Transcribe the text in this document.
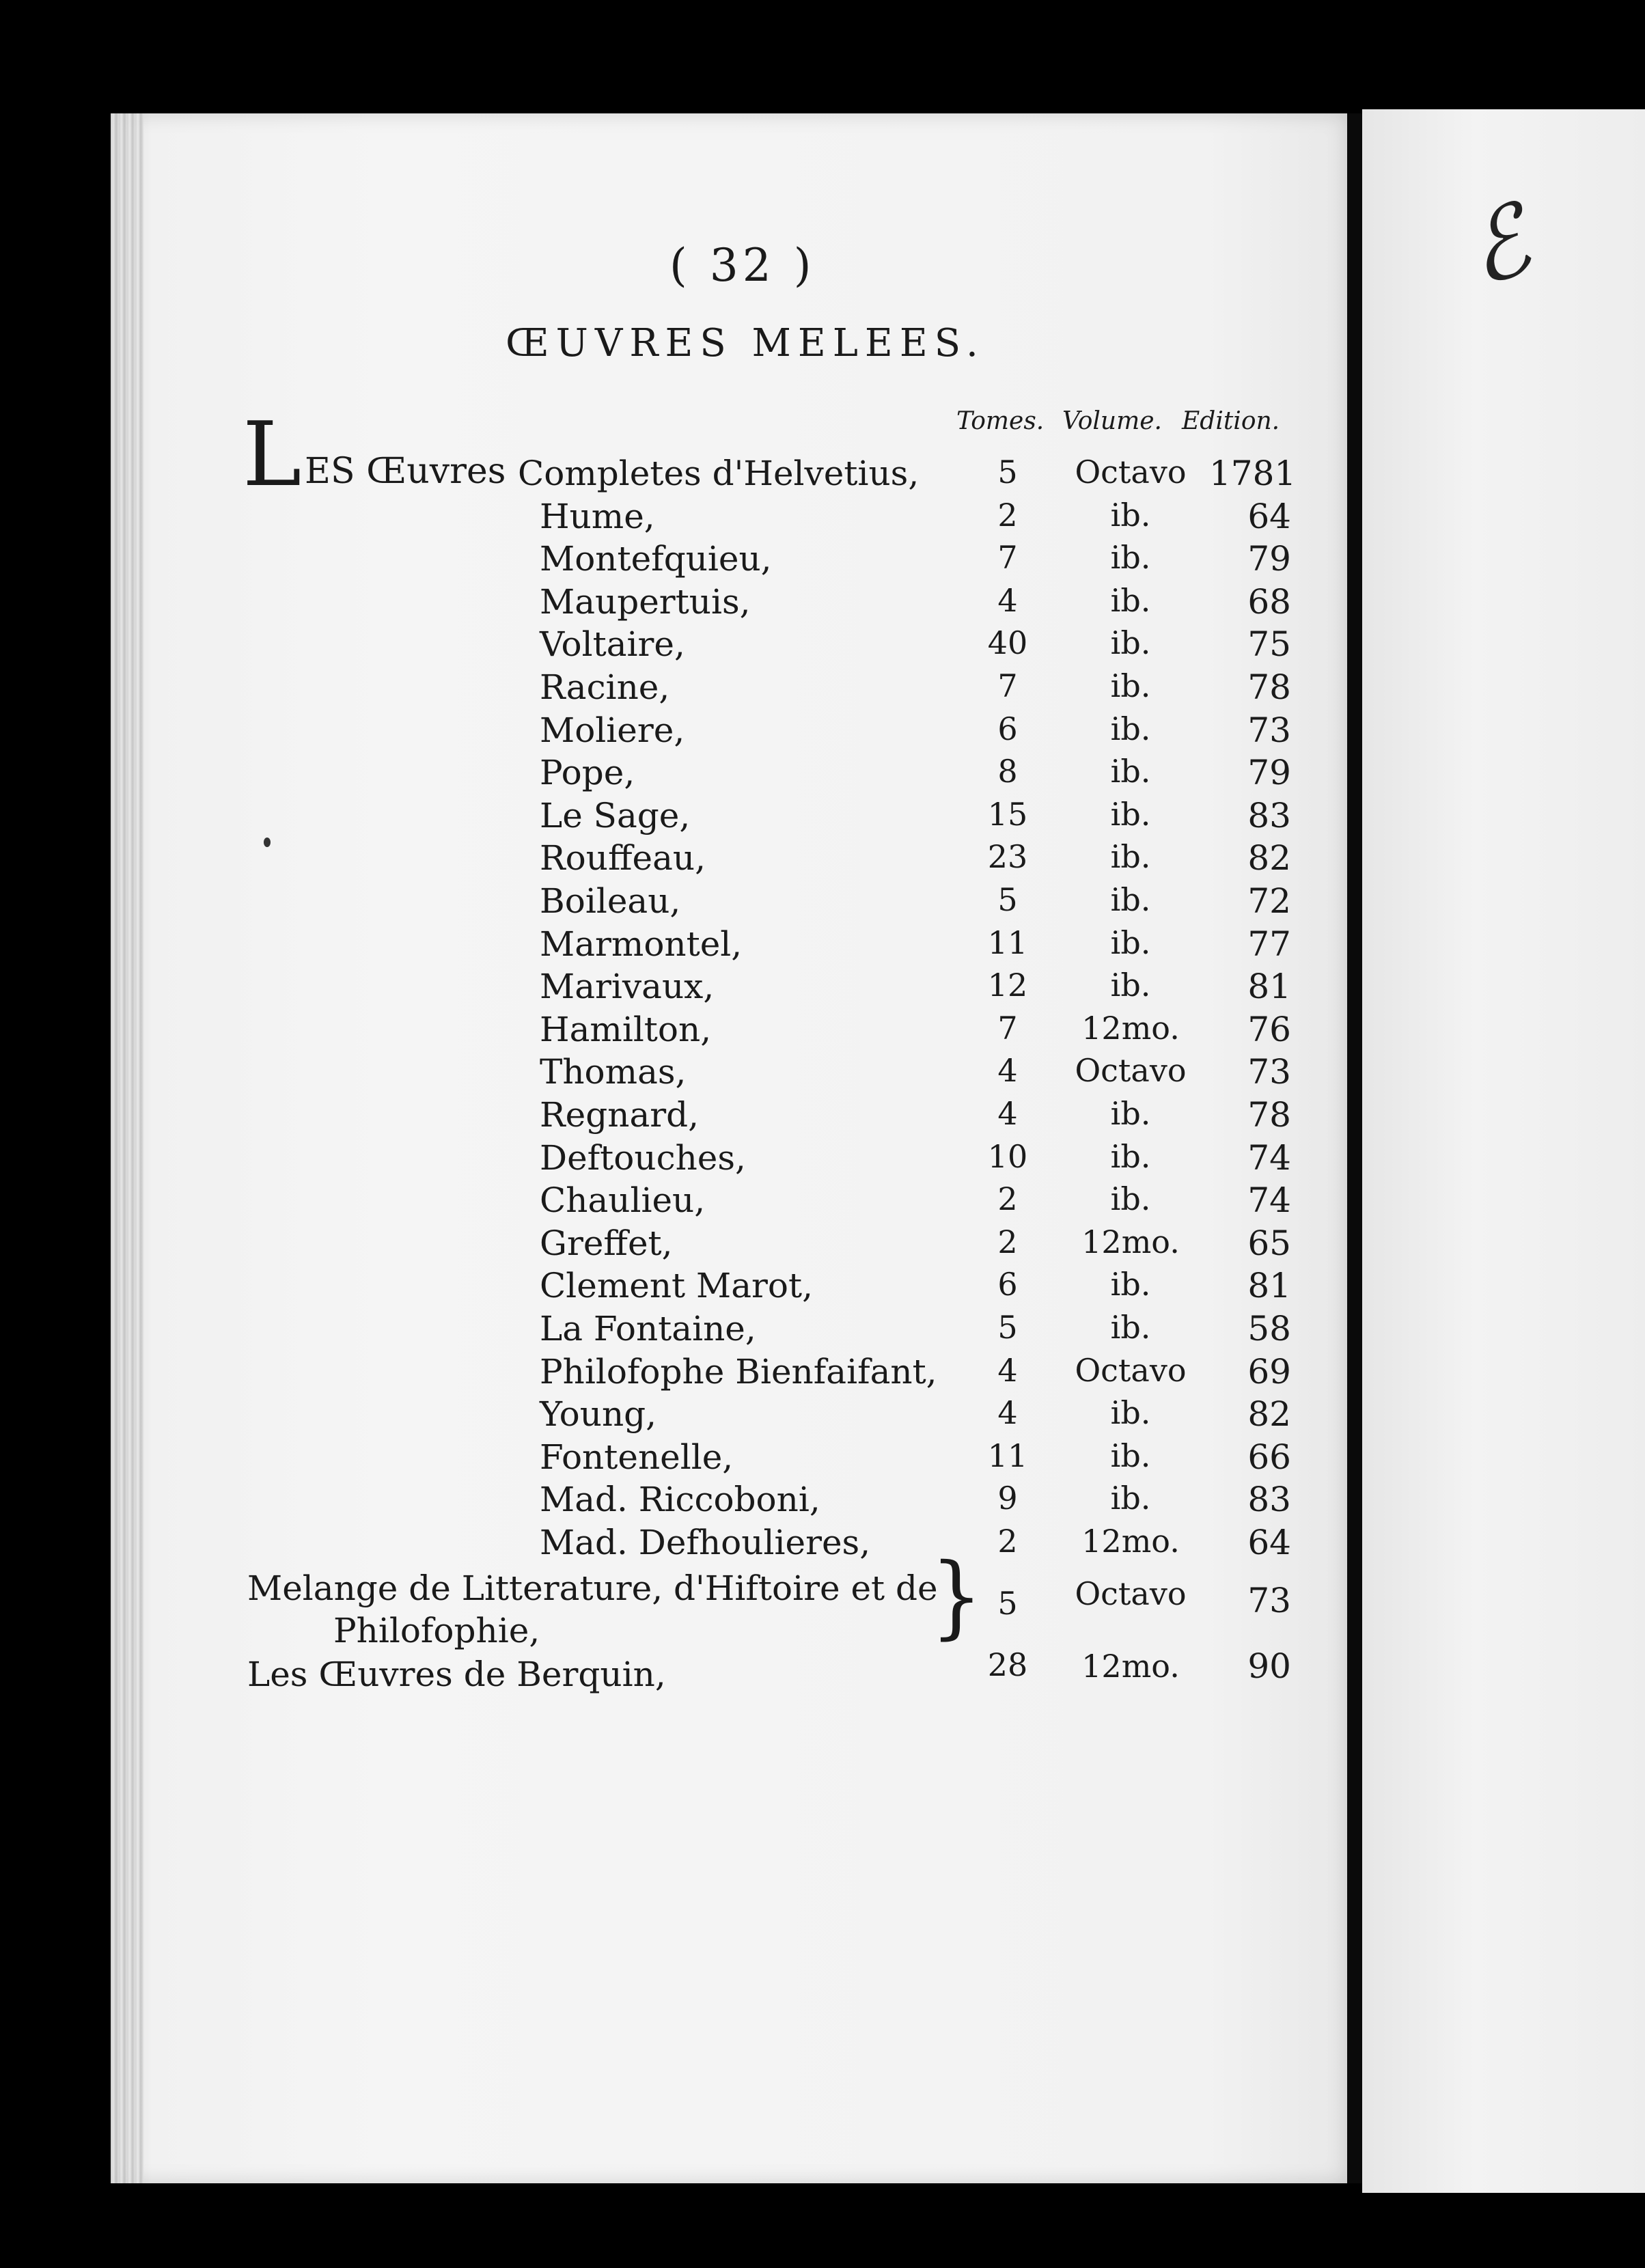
ℰ
( 32 )
ŒUVRES MELEES.
Tomes. Volume. Edition.
L ES Œuvres Completes d'Helvetius,	5	Octavo 1781
Hume,	2	ib.	64
Montefquieu,	7	ib.	79
Maupertuis,	4	ib.	68
Voltaire,	40	ib.	75
Racine,	7	ib.	78
Moliere,	6	ib.	73
Pope,	8	ib.	79
Le Sage,	15	ib.	83
Rouffeau,	23	ib.	82
Boileau,	5	ib.	72
Marmontel,	11	ib.	77
Marivaux,	12	ib.	81
Hamilton,	7	12mo.	76
Thomas,	4	Octavo	73
Regnard,	4	ib.	78
Deftouches,	10	ib.	74
Chaulieu,	2	ib.	74
Greffet,	2	12mo.	65
Clement Marot,	6	ib.	81
La Fontaine,	5	ib.	58
Philofophe Bienfaifant,	4	Octavo	69
Young,	4	ib.	82
Fontenelle,	11	ib.	66
Mad. Riccoboni,	9	ib.	83
Mad. Defhoulieres,	2	12mo.	64
Melange de Litterature, d'Hiftoire et de
Philofophie,	} 5	Octavo	73
Les Œuvres de Berquin,	28	12mo.	90
